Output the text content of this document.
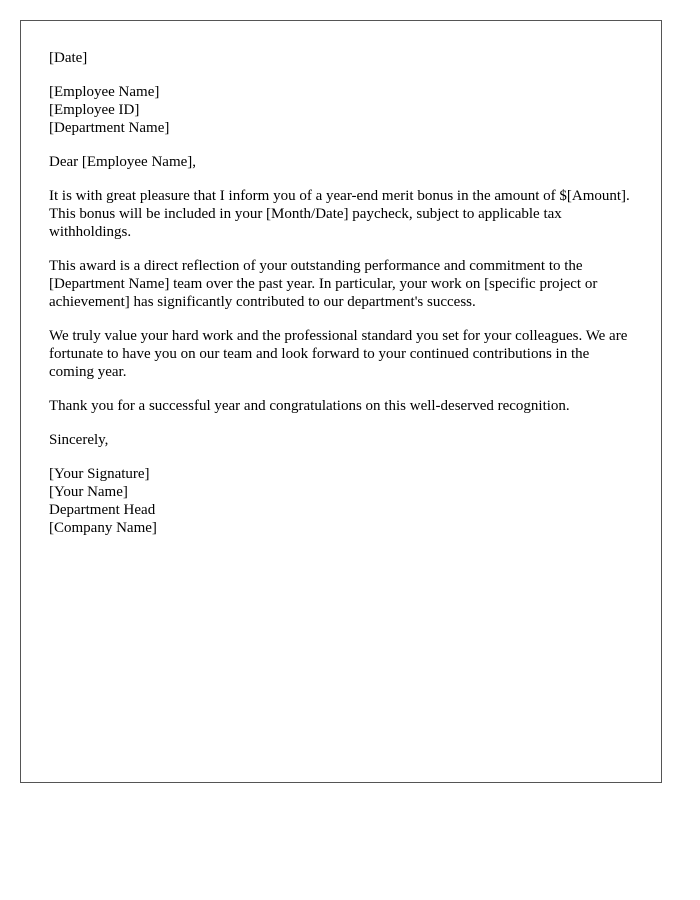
[Date]

[Employee Name]
[Employee ID]
[Department Name]

Dear [Employee Name],

It is with great pleasure that I inform you of a year-end merit bonus in the amount of $[Amount]. This bonus will be included in your [Month/Date] paycheck, subject to applicable tax withholdings.

This award is a direct reflection of your outstanding performance and commitment to the [Department Name] team over the past year. In particular, your work on [specific project or achievement] has significantly contributed to our department's success.

We truly value your hard work and the professional standard you set for your colleagues. We are fortunate to have you on our team and look forward to your continued contributions in the coming year.

Thank you for a successful year and congratulations on this well-deserved recognition.

Sincerely,

[Your Signature]
[Your Name]
Department Head
[Company Name]
